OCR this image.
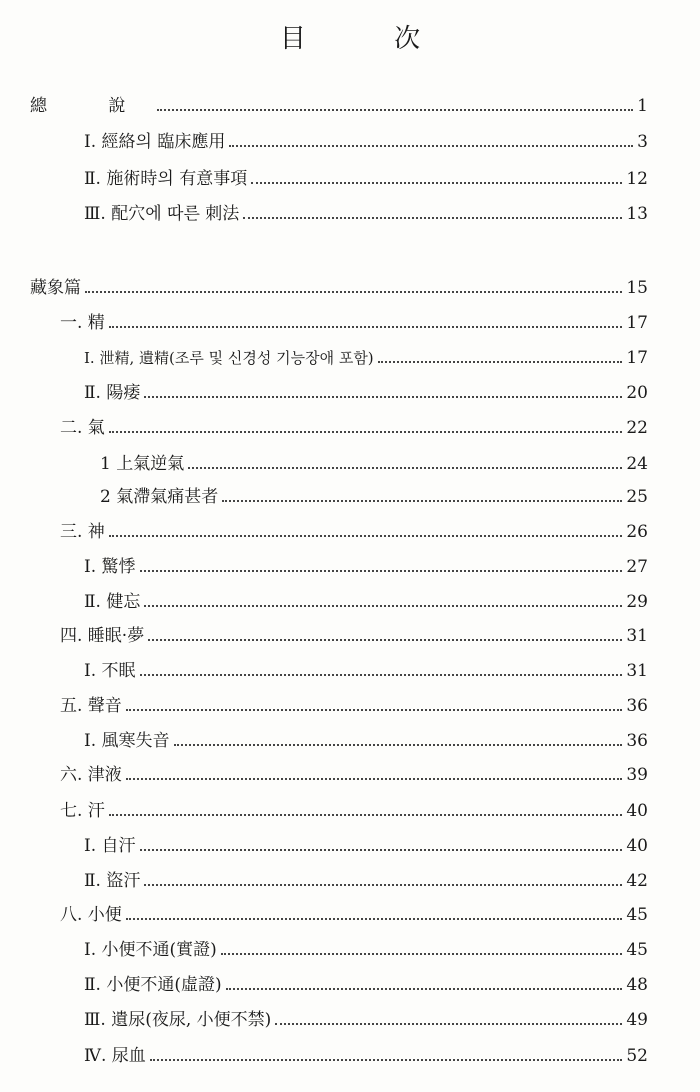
目 次
總 說	1
Ⅰ. 經絡의 臨床應用	3
Ⅱ. 施術時의 有意事項	12
Ⅲ. 配穴에 따른 刺法	13
藏象篇	15
一. 精	17
Ⅰ. 泄精, 遺精(조루 및 신경성 기능장애 포함)	17
Ⅱ. 陽痿	20
二. 氣	22
1 上氣逆氣	24
2 氣滯氣痛甚者	25
三. 神	26
Ⅰ. 驚悸	27
Ⅱ. 健忘	29
四. 睡眠·夢	31
Ⅰ. 不眠	31
五. 聲音	36
Ⅰ. 風寒失音	36
六. 津液	39
七. 汗	40
Ⅰ. 自汗	40
Ⅱ. 盜汗	42
八. 小便	45
Ⅰ. 小便不通(實證)	45
Ⅱ. 小便不通(虛證)	48
Ⅲ. 遺尿(夜尿, 小便不禁)	49
Ⅳ. 尿血	52
